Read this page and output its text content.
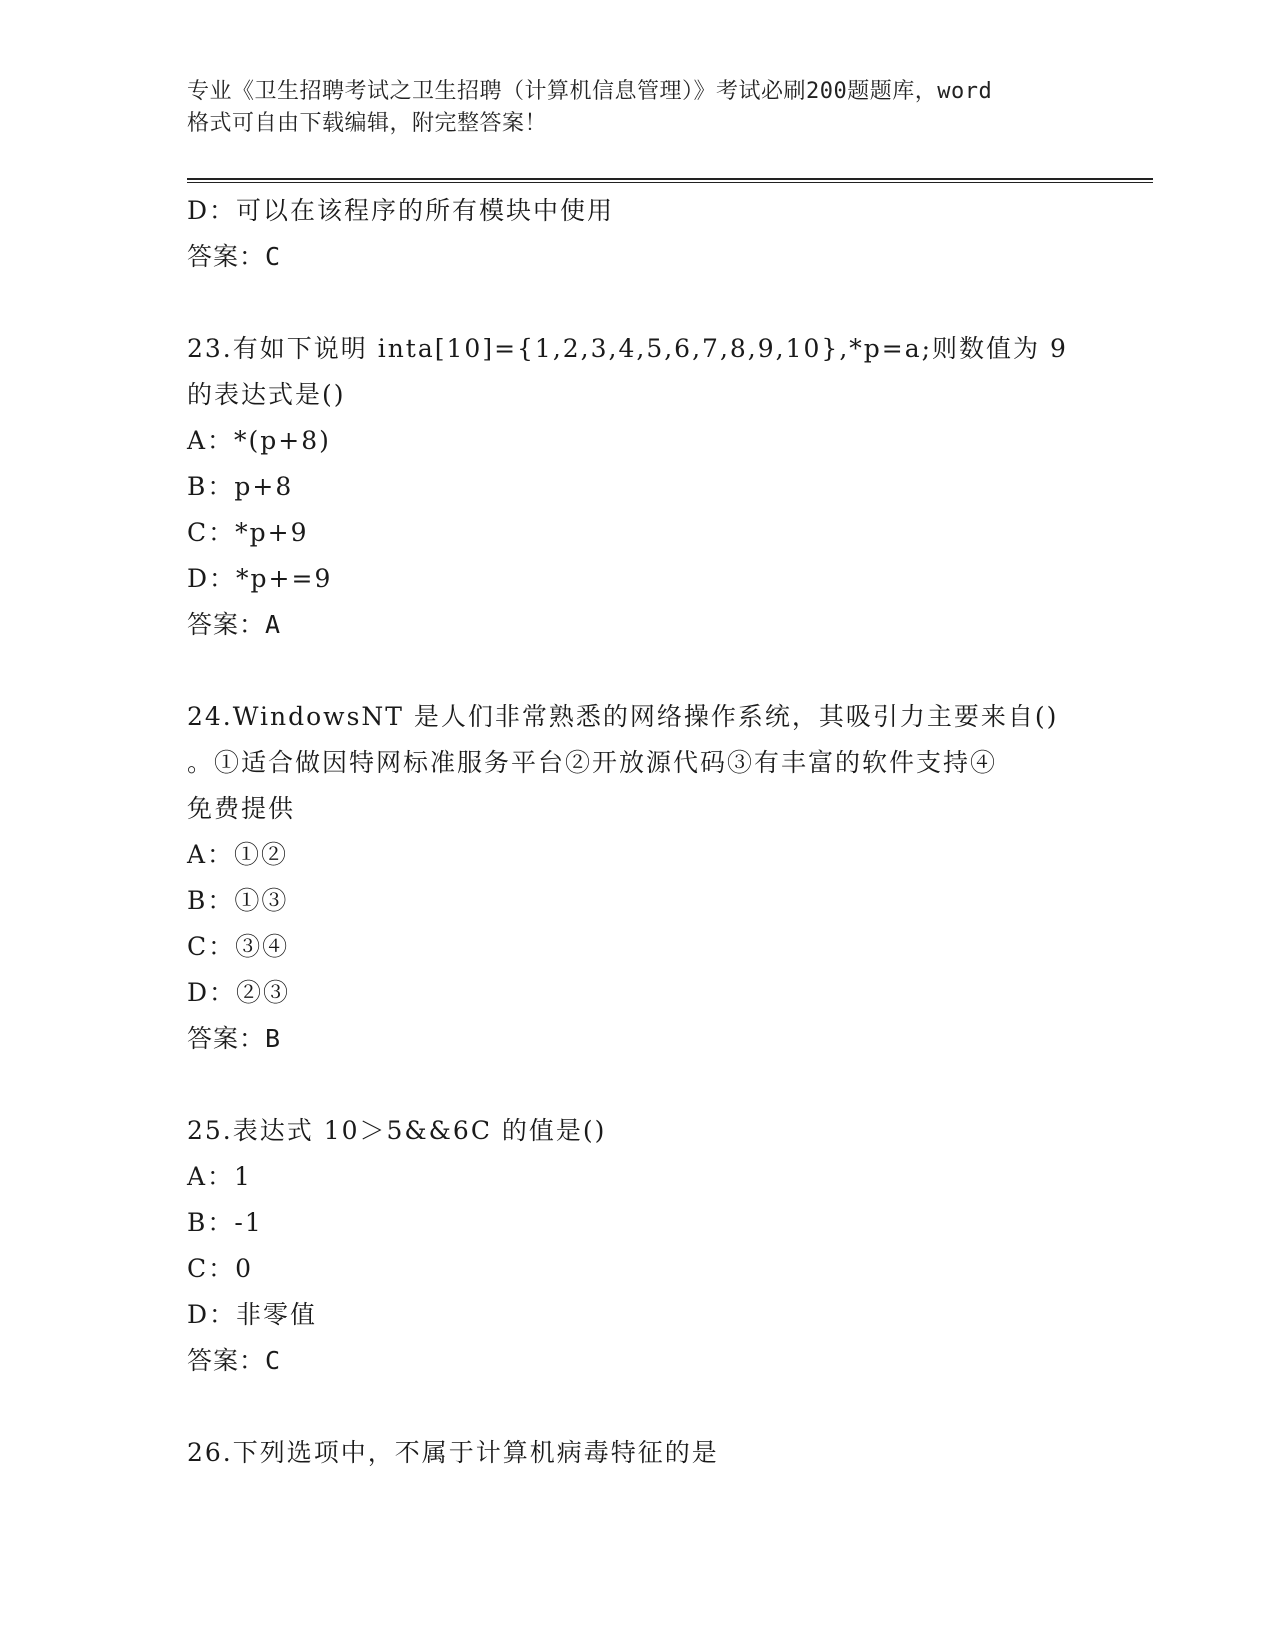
专业《卫生招聘考试之卫生招聘（计算机信息管理）》考试必刷200题题库，word
格式可自由下载编辑，附完整答案！
D：可以在该程序的所有模块中使用
答案：C
23.有如下说明 inta[10]={1,2,3,4,5,6,7,8,9,10},*p=a;则数值为 9
的表达式是()
A：*(p+8)
B：p+8
C：*p+9
D：*p+=9
答案：A
24.WindowsNT 是人们非常熟悉的网络操作系统，其吸引力主要来自()
。①适合做因特网标准服务平台②开放源代码③有丰富的软件支持④
免费提供
A：①②
B：①③
C：③④
D：②③
答案：B
25.表达式 10＞5&&6C 的值是()
A：1
B：-1
C：0
D：非零值
答案：C
26.下列选项中，不属于计算机病毒特征的是
